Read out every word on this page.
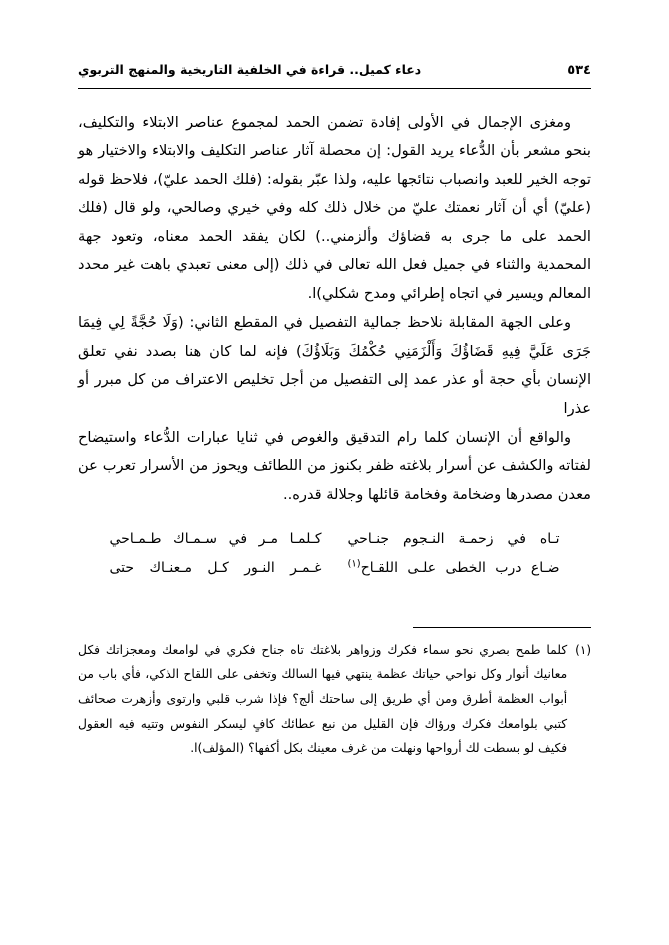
دعاء كميل.. قراءة في الخلفية التاريخية والمنهج التربوي	٥٣٤

ومغزى الإجمال في الأولى إفادة تضمن الحمد لمجموع عناصر الابتلاء والتكليف، بنحو مشعر بأن الدُّعاء يريد القول: إن محصلة آثار عناصر التكليف والابتلاء والاختيار هو توجه الخير للعبد وانصباب نتائجها عليه، ولذا عبّر بقوله: (فلك الحمد عليّ)، فلاحظ قوله (عليّ) أي أن آثار نعمتك عليّ من خلال ذلك كله وفي خيري وصالحي، ولو قال (فلك الحمد على ما جرى به قضاؤك وألزمني..) لكان يفقد الحمد معناه، وتعود جهة المحمدية والثناء في جميل فعل الله تعالى في ذلك (إلى معنى تعبدي باهت غير محدد المعالم ويسير في اتجاه إطرائي ومدح شكلي)ا.

وعلى الجهة المقابلة نلاحظ جمالية التفصيل في المقطع الثاني: (وَلَا حُجَّةً لِي فِيمَا جَرَى عَلَيَّ فِيهِ قَضَاؤُكَ وَأَلْزَمَنِي حُكْمُكَ وَبَلَاؤُكَ) فإنه لما كان هنا بصدد نفي تعلق الإنسان بأي حجة أو عذر عمد إلى التفصيل من أجل تخليص الاعتراف من كل مبرر أو عذرا

والواقع أن الإنسان كلما رام التدقيق والغوص في ثنايا عبارات الدُّعاء واستيضاح لفتاته والكشف عن أسرار بلاغته ظفر بكنوز من اللطائف ويحوز من الأسرار تعرب عن معدن مصدرها وضخامة وفخامة قائلها وجلالة قدره..

تـاه في زحمـة النـجوم جنـاحي
كـلمـا مـر في سـمـاك طـمـاحي
ضـاع درب الخطى علـى اللقـاح$^{(١)}$
غـمـر النـور كـل مـعنـاك حتى
(١)
كلما طمح بصري نحو سماء فكرك وزواهر بلاغتك تاه جناح فكري في لوامعك ومعجزاتك فكل معانيك أنوار وكل نواحي حياتك عظمة ينتهي فيها السالك وتخفى على اللقاح الذكي، فأي باب من أبواب العظمة أطرق ومن أي طريق إلى ساحتك ألج؟ فإذا شرب قلبي وارتوى وأزهرت صحائف كتبي بلوامعك فكرك ورؤاك فإن القليل من نبع عطائك كافٍ ليسكر النفوس وتتيه فيه العقول فكيف لو بسطت لك أرواحها ونهلت من غرف معينك بكل أكفها؟ (المؤلف)ا.
